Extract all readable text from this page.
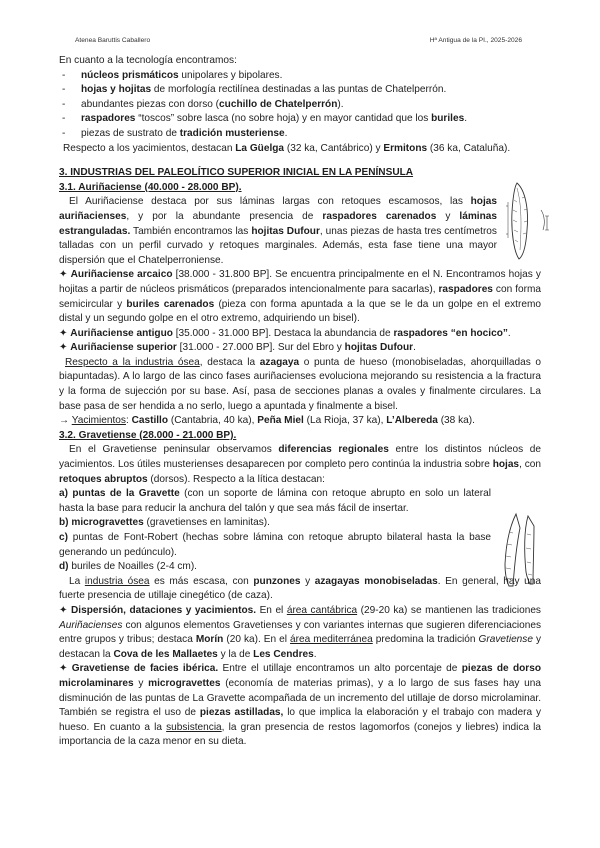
Atenea Baruttis Caballero	Hª Antigua de la PI., 2025-2026

En cuanto a la tecnología encontramos:

- núcleos prismáticos unipolares y bipolares.
- hojas y hojitas de morfología rectilínea destinadas a las puntas de Chatelperrón.
- abundantes piezas con dorso (cuchillo de Chatelperrón).
- raspadores “toscos” sobre lasca (no sobre hoja) y en mayor cantidad que los buriles.
- piezas de sustrato de tradición musteriense.

Respecto a los yacimientos, destacan La Güelga (32 ka, Cantábrico) y Ermitons (36 ka, Cataluña).

3. INDUSTRIAS DEL PALEOLÍTICO SUPERIOR INICIAL EN LA PENÍNSULA

3.1. Auriñaciense (40.000 - 28.000 BP).

El Auriñaciense destaca por sus láminas largas con retoques escamosos, las hojas auriñacienses, y por la abundante presencia de raspadores carenados y láminas estranguladas. También encontramos las hojitas Dufour, unas piezas de hasta tres centímetros talladas con un perfil curvado y retoques marginales. Además, esta fase tiene una mayor dispersión que el Chatelperroniense.

✦ Auriñaciense arcaico [38.000 - 31.800 BP]. Se encuentra principalmente en el N. Encontramos hojas y hojitas a partir de núcleos prismáticos (preparados intencionalmente para sacarlas), raspadores con forma semicircular y buriles carenados (pieza con forma apuntada a la que se le da un golpe en el extremo distal y un segundo golpe en el otro extremo, adquiriendo un bisel).

✦ Auriñaciense antiguo [35.000 - 31.000 BP]. Destaca la abundancia de raspadores “en hocico”.

✦ Auriñaciense superior [31.000 - 27.000 BP]. Sur del Ebro y hojitas Dufour.

Respecto a la industria ósea, destaca la azagaya o punta de hueso (monobiseladas, ahorquilladas o biapuntadas). A lo largo de las cinco fases auriñacienses evoluciona mejorando su resistencia a la fractura y la forma de sujección por su base. Así, pasa de secciones planas a ovales y finalmente circulares. La base pasa de ser hendida a no serlo, luego a apuntada y finalmente a bisel.

→ Yacimientos: Castillo (Cantabria, 40 ka), Peña Miel (La Rioja, 37 ka), L’Albereda (38 ka).

3.2. Gravetiense (28.000 - 21.000 BP).

En el Gravetiense peninsular observamos diferencias regionales entre los distintos núcleos de yacimientos. Los útiles musterienses desaparecen por completo pero continúa la industria sobre hojas, con retoques abruptos (dorsos). Respecto a la lítica destacan:

a) puntas de la Gravette (con un soporte de lámina con retoque abrupto en solo un lateral hasta la base para reducir la anchura del talón y que sea más fácil de insertar.

b) microgravettes (gravetienses en laminitas).

c) puntas de Font-Robert (hechas sobre lámina con retoque abrupto bilateral hasta la base generando un pedúnculo).

d) buriles de Noailles (2-4 cm).

La industria ósea es más escasa, con punzones y azagayas monobiseladas. En general, hay una fuerte presencia de utillaje cinegético (de caza).

✦ Dispersión, dataciones y yacimientos. En el área cantábrica (29-20 ka) se mantienen las tradiciones Auriñacienses con algunos elementos Gravetienses y con variantes internas que sugieren diferenciaciones entre grupos y tribus; destaca Morín (20 ka). En el área mediterránea predomina la tradición Gravetiense y destacan la Cova de les Mallaetes y la de Les Cendres.

✦ Gravetiense de facies ibérica. Entre el utillaje encontramos un alto porcentaje de piezas de dorso microlaminares y microgravettes (economía de materias primas), y a lo largo de sus fases hay una disminución de las puntas de La Gravette acompañada de un incremento del utillaje de dorso microlaminar. También se registra el uso de piezas astilladas, lo que implica la elaboración y el trabajo con madera y hueso. En cuanto a la subsistencia, la gran presencia de restos lagomorfos (conejos y liebres) indica la importancia de la caza menor en su dieta.
